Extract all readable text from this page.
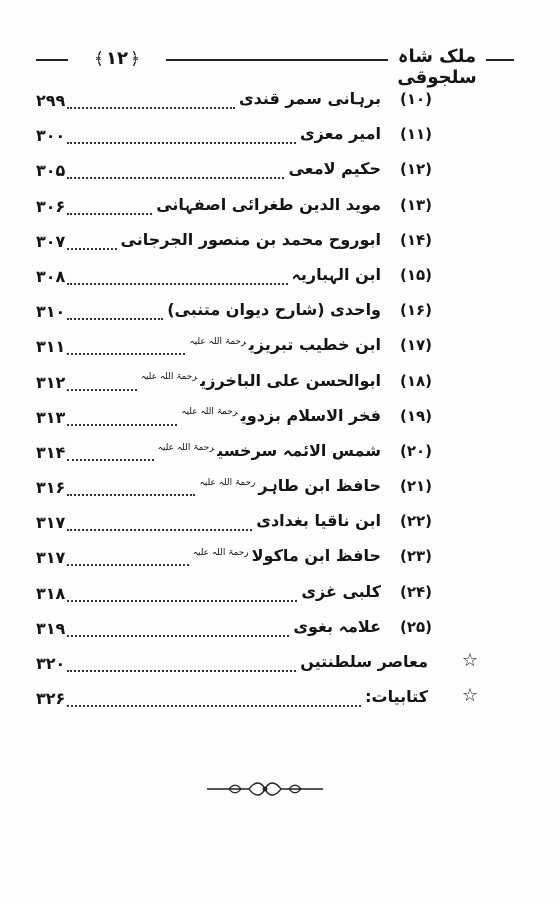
﴾ ۱۲ ﴿	ملک شاہ سلجوقی
۲۹۹	برہانی سمر قندی	(۱۰)
۳۰۰	امیر معزی	(۱۱)
۳۰۵	حکیم لامعی	(۱۲)
۳۰۶	موید الدین طغرائی اصفہانی	(۱۳)
۳۰۷	ابوروح محمد بن منصور الجرجانی	(۱۴)
۳۰۸	ابن الہباریہ	(۱۵)
۳۱۰	واحدی (شارح دیوان متنبی)	(۱۶)
۳۱۱	ابن خطیب تبریزی$^{رحمۃ اللہ علیہ}$	(۱۷)
۳۱۲	ابوالحسن علی الباخرزی$^{رحمۃ اللہ علیہ}$	(۱۸)
۳۱۳	فخر الاسلام بزدوی$^{رحمۃ اللہ علیہ}$	(۱۹)
۳۱۴	شمس الائمہ سرخسی$^{رحمۃ اللہ علیہ}$	(۲۰)
۳۱۶	حافظ ابن طاہر$^{رحمۃ اللہ علیہ}$	(۲۱)
۳۱۷	ابن ناقیا بغدادی	(۲۲)
۳۱۷	حافظ ابن ماکولا$^{رحمۃ اللہ علیہ}$	(۲۳)
۳۱۸	کلبی غزی	(۲۴)
۳۱۹	علامہ بغوی	(۲۵)
۳۲۰	معاصر سلطنتیں ☆
۳۲۶	کتابیات: ☆
